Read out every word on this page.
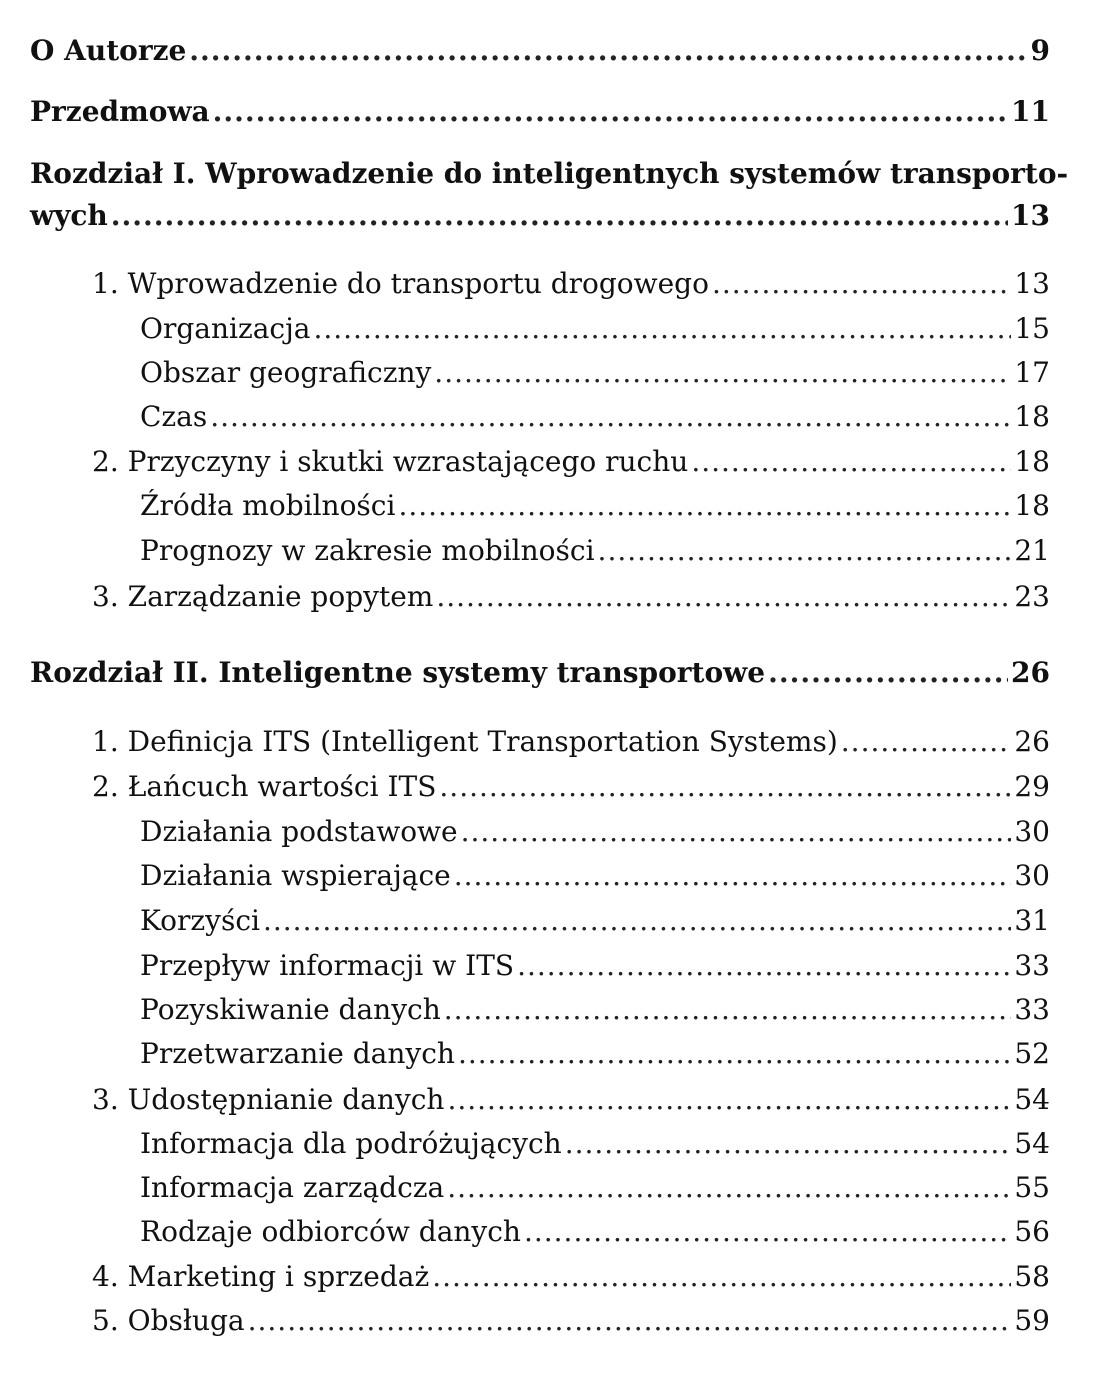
O Autorze .....	9
Przedmowa .....	11
Rozdział I. Wprowadzenie do inteligentnych systemów transporto-
wych .....	13
1. Wprowadzenie do transportu drogowego .....	13
Organizacja .....	15
Obszar geograficzny .....	17
Czas .....	18
2. Przyczyny i skutki wzrastającego ruchu .....	18
Źródła mobilności .....	18
Prognozy w zakresie mobilności .....	21
3. Zarządzanie popytem .....	23
Rozdział II. Inteligentne systemy transportowe .....	26
1. Definicja ITS (Intelligent Transportation Systems) .....	26
2. Łańcuch wartości ITS .....	29
Działania podstawowe .....	30
Działania wspierające .....	30
Korzyści .....	31
Przepływ informacji w ITS .....	33
Pozyskiwanie danych .....	33
Przetwarzanie danych .....	52
3. Udostępnianie danych .....	54
Informacja dla podróżujących .....	54
Informacja zarządcza .....	55
Rodzaje odbiorców danych .....	56
4. Marketing i sprzedaż .....	58
5. Obsługa .....	59
